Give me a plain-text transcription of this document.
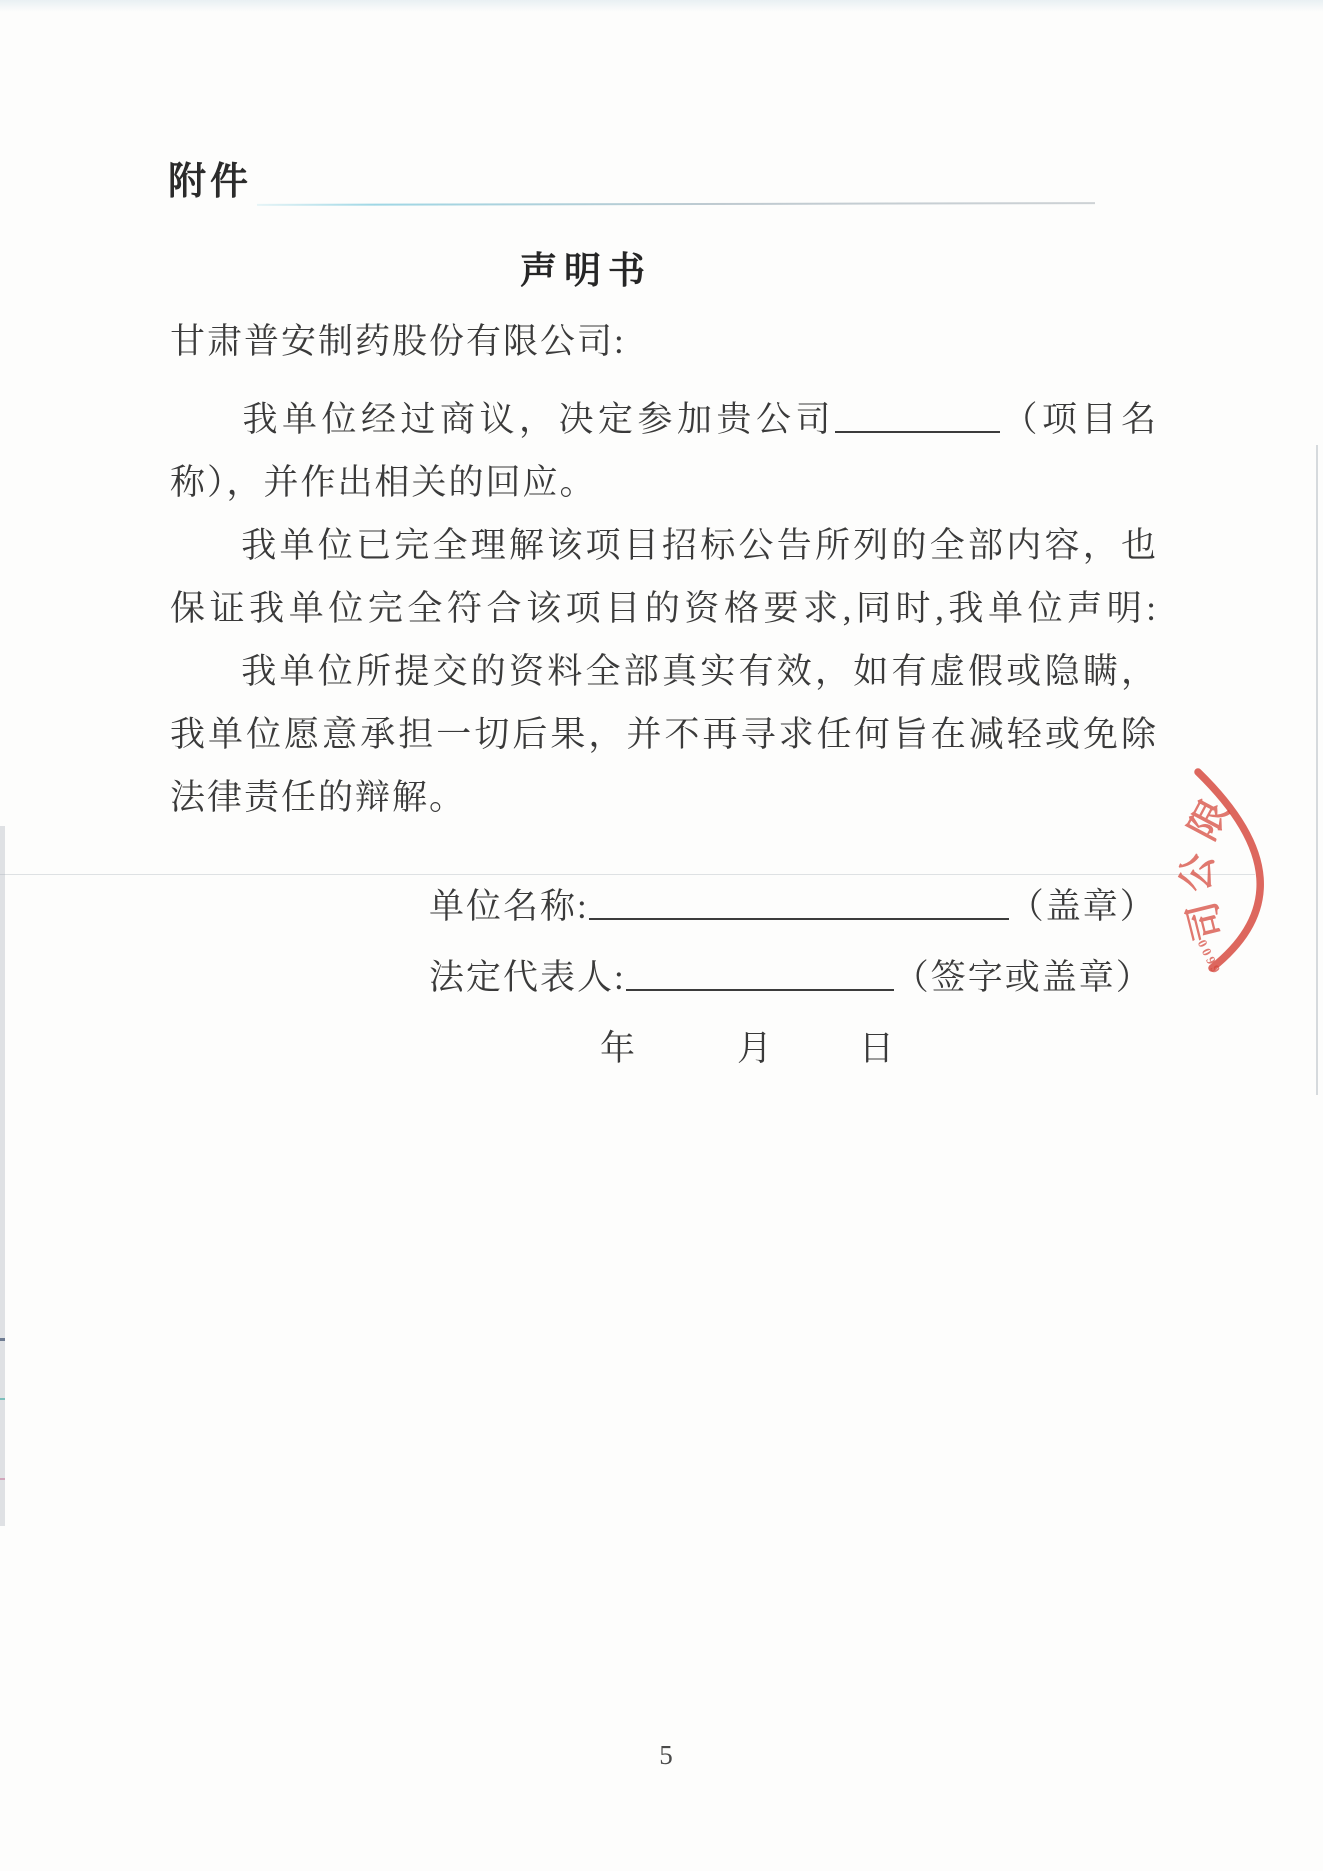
附件
声明书
甘肃普安制药股份有限公司:
我单位经过商议，决定参加贵公司	（项目名
称），并作出相关的回应。
我单位已完全理解该项目招标公告所列的全部内容，也
保证我单位完全符合该项目的资格要求,同时,我单位声明:
我单位所提交的资料全部真实有效，如有虚假或隐瞒，
我单位愿意承担一切后果，并不再寻求任何旨在减轻或免除
法律责任的辩解。
单位名称:	（盖章）
法定代表人:	（签字或盖章）
年	月 日
限
公
司
6600
5
